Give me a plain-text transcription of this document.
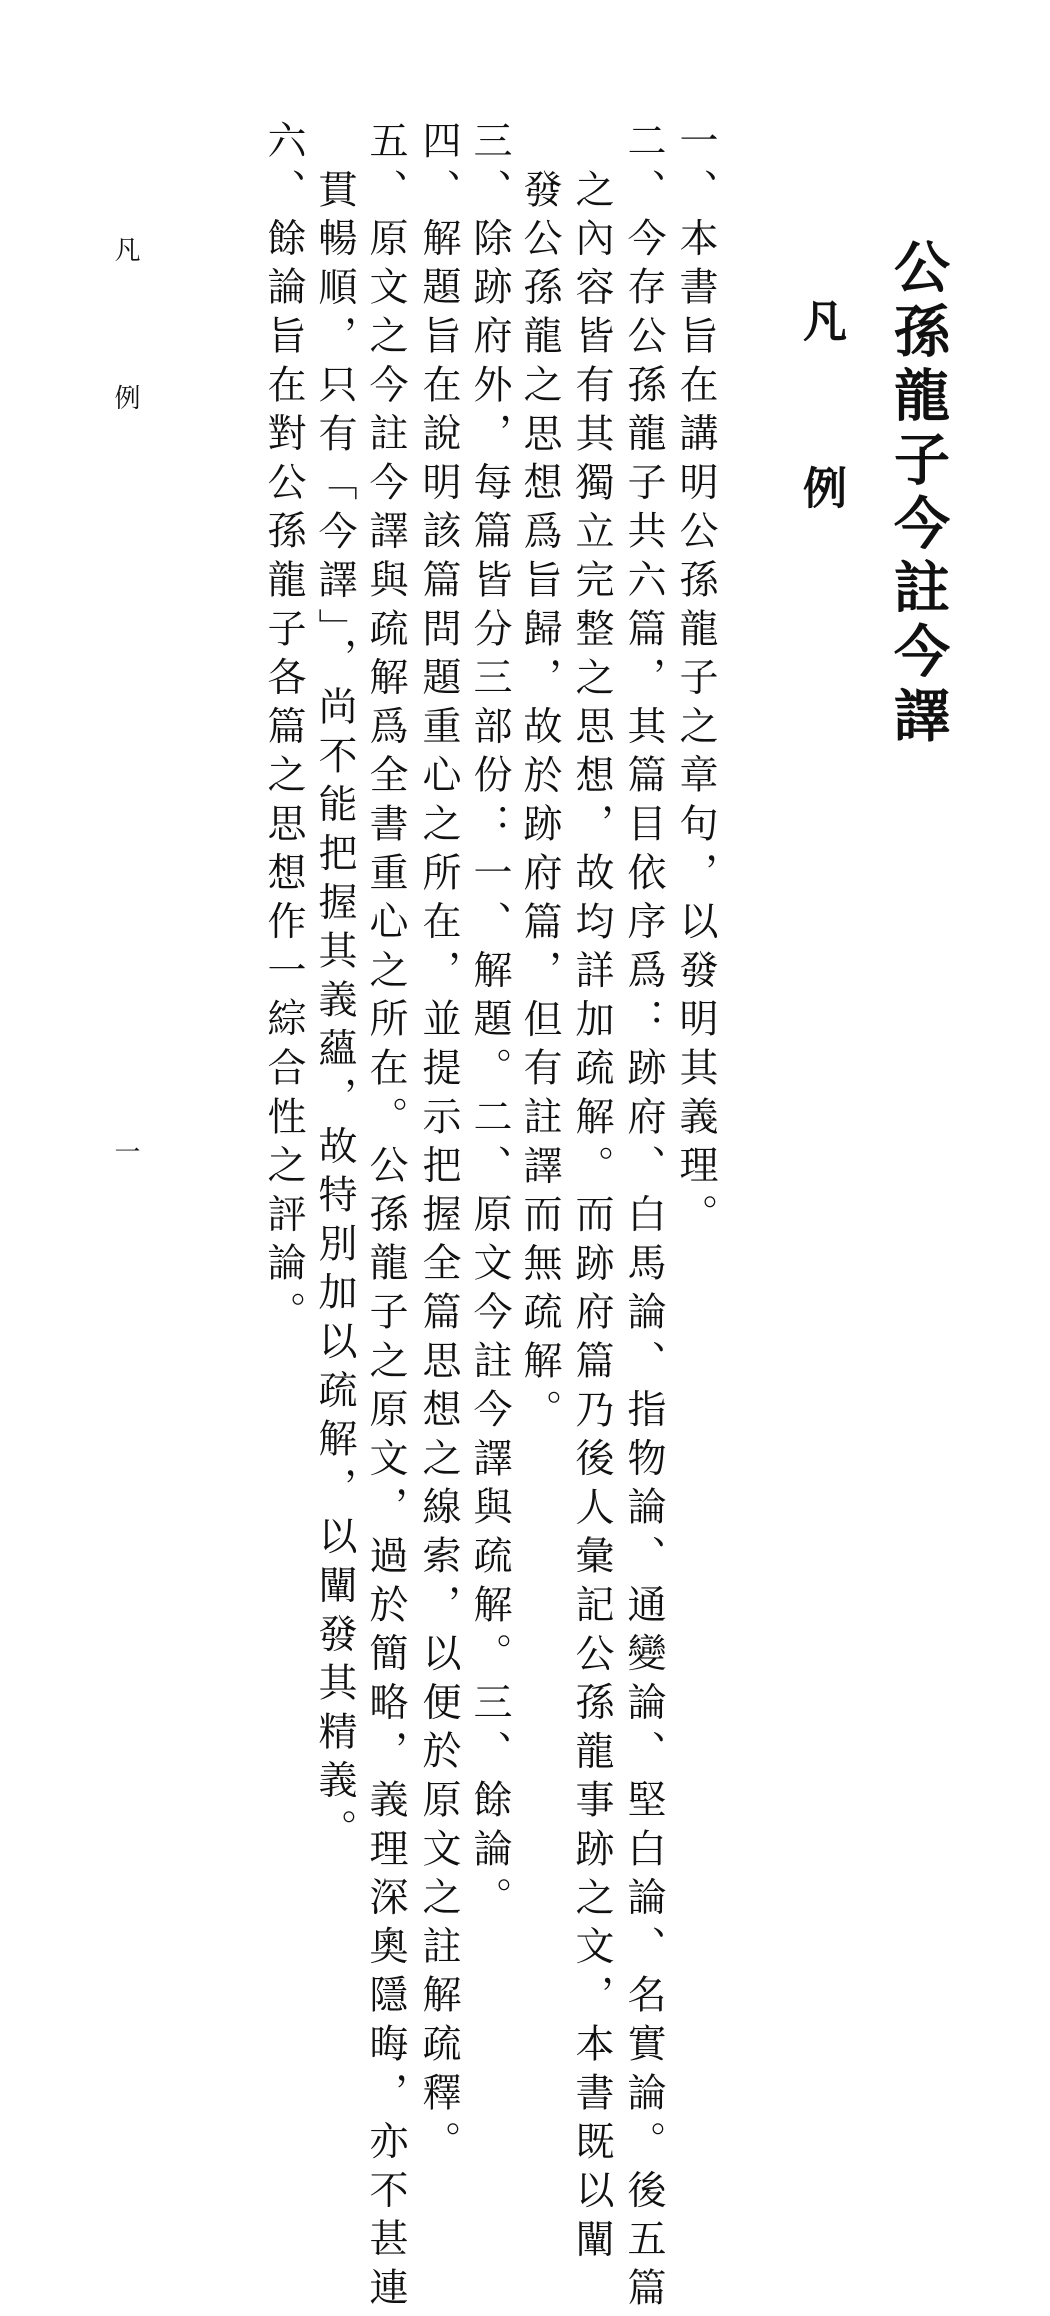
公孫龍子今註今譯
凡
例
一、本書旨在講明公孫龍子之章句，以發明其義理。
二、今存公孫龍子共六篇，其篇目依序爲：跡府、白馬論、指物論、通變論、堅白論、名實論。後五篇
之內容皆有其獨立完整之思想，故均詳加疏解。而跡府篇乃後人彙記公孫龍事跡之文，本書既以闡
發公孫龍之思想爲旨歸，故於跡府篇，但有註譯而無疏解。
三、除跡府外，每篇皆分三部份：一、解題。二、原文今註今譯與疏解。三、餘論。
四、解題旨在說明該篇問題重心之所在，並提示把握全篇思想之線索，以便於原文之註解疏釋。
五、原文之今註今譯與疏解爲全書重心之所在。公孫龍子之原文，過於簡略，義理深奧隱晦，亦不甚連
貫暢順，只有「今譯」，尚不能把握其義蘊，故特別加以疏解，以闡發其精義。
六、餘論旨在對公孫龍子各篇之思想作一綜合性之評論。
凡
例
一
